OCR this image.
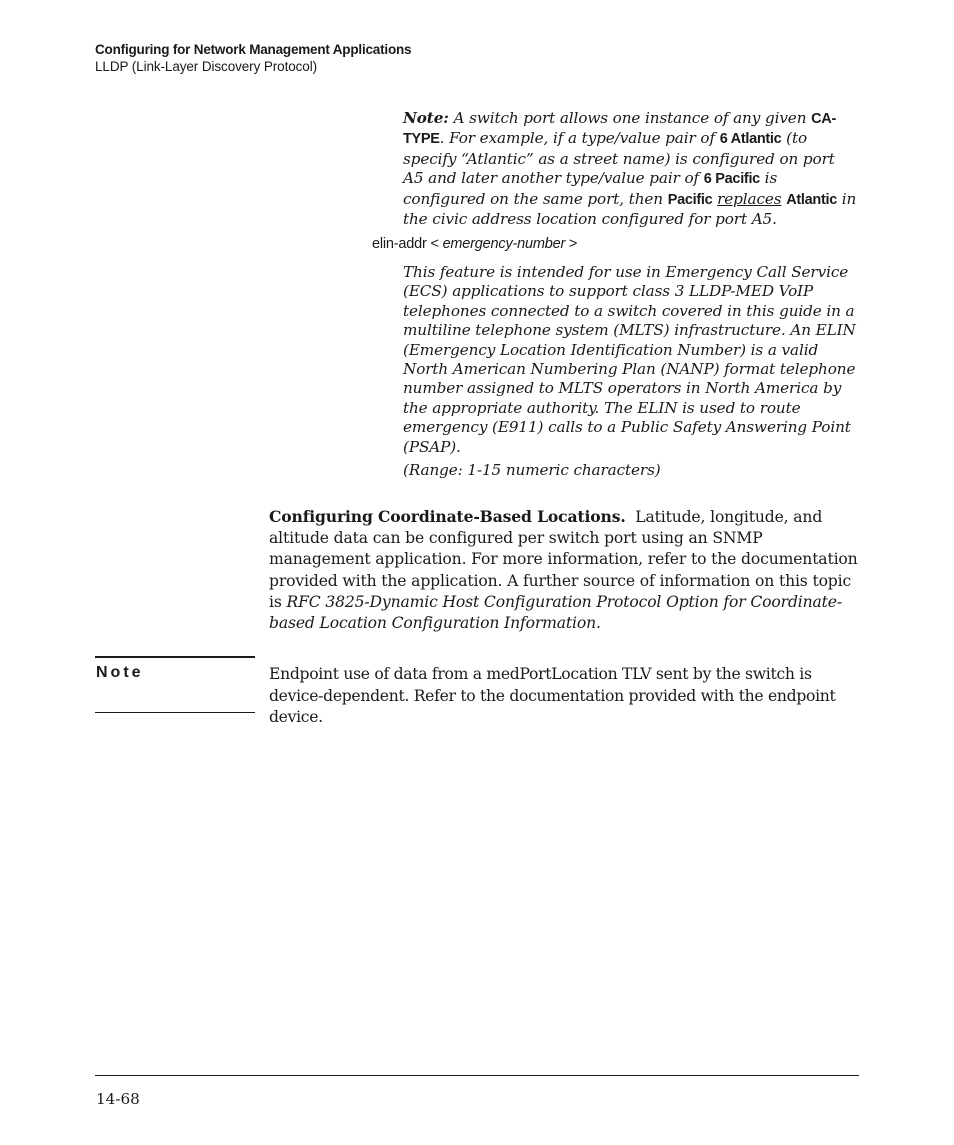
Configuring for Network Management Applications
LLDP (Link-Layer Discovery Protocol)
Note: A switch port allows one instance of any given CA-TYPE. For example, if a type/value pair of 6 Atlantic (to specify “Atlantic” as a street name) is configured on port A5 and later another type/value pair of 6 Pacific is configured on the same port, then Pacific replaces Atlantic in the civic address location configured for port A5.
elin-addr < emergency-number >
This feature is intended for use in Emergency Call Service (ECS) applications to support class 3 LLDP-MED VoIP telephones connected to a switch covered in this guide in a multiline telephone system (MLTS) infrastructure. An ELIN (Emergency Location Identification Number) is a valid North American Numbering Plan (NANP) format telephone number assigned to MLTS operators in North America by the appropriate authority. The ELIN is used to route emergency (E911) calls to a Public Safety Answering Point (PSAP).
(Range: 1-15 numeric characters)
Configuring Coordinate-Based Locations. Latitude, longitude, and altitude data can be configured per switch port using an SNMP management application. For more information, refer to the documentation provided with the application. A further source of information on this topic is RFC 3825-Dynamic Host Configuration Protocol Option for Coordinate-based Location Configuration Information.
Note	Endpoint use of data from a medPortLocation TLV sent by the switch is device-dependent. Refer to the documentation provided with the endpoint device.
14-68
